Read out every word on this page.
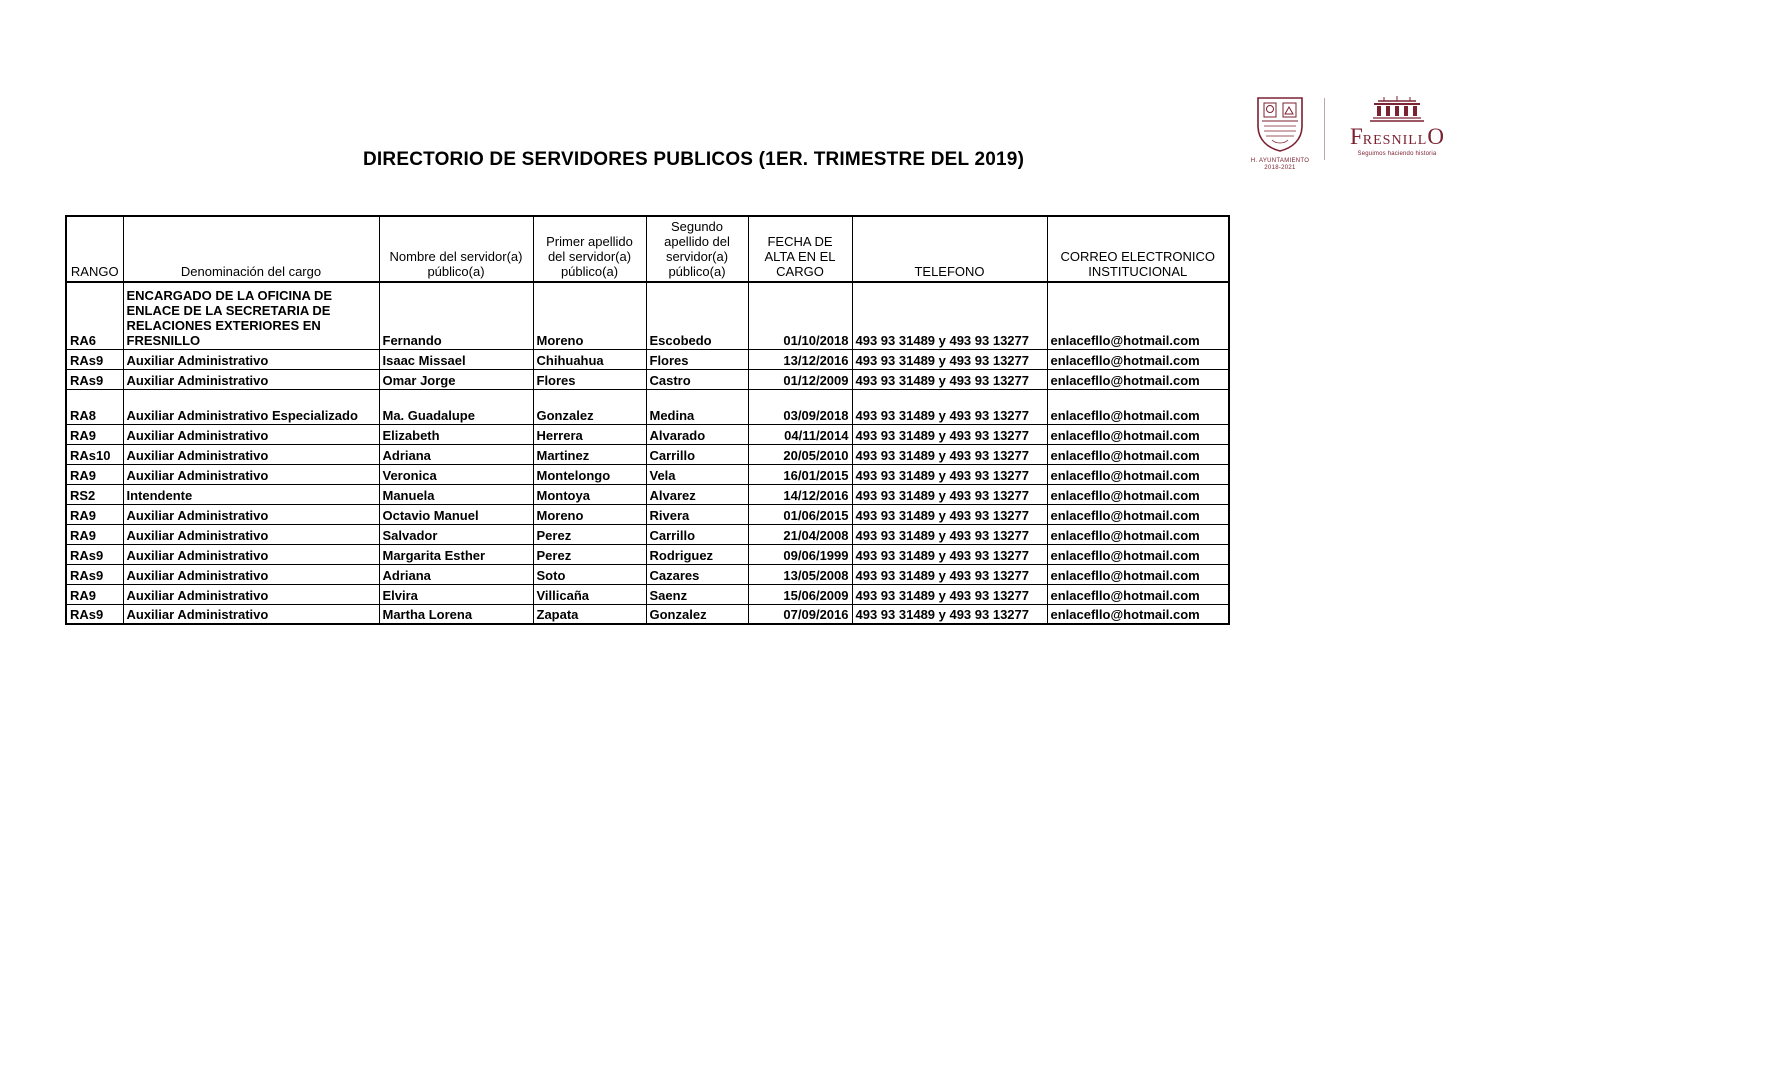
DIRECTORIO DE SERVIDORES PUBLICOS (1ER. TRIMESTRE DEL 2019)	H. AYUNTAMIENTO
2018-2021
FRESNILLO
Seguimos haciendo historia
RANGO	Denominación del cargo	Nombre del servidor(a) público(a)	Primer apellido del servidor(a) público(a)	Segundo apellido del servidor(a) público(a)	FECHA DE ALTA EN EL CARGO	TELEFONO	CORREO ELECTRONICO INSTITUCIONAL
RA6	ENCARGADO DE LA OFICINA DE ENLACE DE LA SECRETARIA DE RELACIONES EXTERIORES EN FRESNILLO	Fernando	Moreno	Escobedo	01/10/2018	493 93 31489 y 493 93 13277	enlacefllo@hotmail.com
RAs9	Auxiliar Administrativo	Isaac Missael	Chihuahua	Flores	13/12/2016	493 93 31489 y 493 93 13277	enlacefllo@hotmail.com
RAs9	Auxiliar Administrativo	Omar Jorge	Flores	Castro	01/12/2009	493 93 31489 y 493 93 13277	enlacefllo@hotmail.com
RA8	Auxiliar Administrativo Especializado	Ma. Guadalupe	Gonzalez	Medina	03/09/2018	493 93 31489 y 493 93 13277	enlacefllo@hotmail.com
RA9	Auxiliar Administrativo	Elizabeth	Herrera	Alvarado	04/11/2014	493 93 31489 y 493 93 13277	enlacefllo@hotmail.com
RAs10	Auxiliar Administrativo	Adriana	Martinez	Carrillo	20/05/2010	493 93 31489 y 493 93 13277	enlacefllo@hotmail.com
RA9	Auxiliar Administrativo	Veronica	Montelongo	Vela	16/01/2015	493 93 31489 y 493 93 13277	enlacefllo@hotmail.com
RS2	Intendente	Manuela	Montoya	Alvarez	14/12/2016	493 93 31489 y 493 93 13277	enlacefllo@hotmail.com
RA9	Auxiliar Administrativo	Octavio Manuel	Moreno	Rivera	01/06/2015	493 93 31489 y 493 93 13277	enlacefllo@hotmail.com
RA9	Auxiliar Administrativo	Salvador	Perez	Carrillo	21/04/2008	493 93 31489 y 493 93 13277	enlacefllo@hotmail.com
RAs9	Auxiliar Administrativo	Margarita Esther	Perez	Rodriguez	09/06/1999	493 93 31489 y 493 93 13277	enlacefllo@hotmail.com
RAs9	Auxiliar Administrativo	Adriana	Soto	Cazares	13/05/2008	493 93 31489 y 493 93 13277	enlacefllo@hotmail.com
RA9	Auxiliar Administrativo	Elvira	Villicaña	Saenz	15/06/2009	493 93 31489 y 493 93 13277	enlacefllo@hotmail.com
RAs9	Auxiliar Administrativo	Martha Lorena	Zapata	Gonzalez	07/09/2016	493 93 31489 y 493 93 13277	enlacefllo@hotmail.com
